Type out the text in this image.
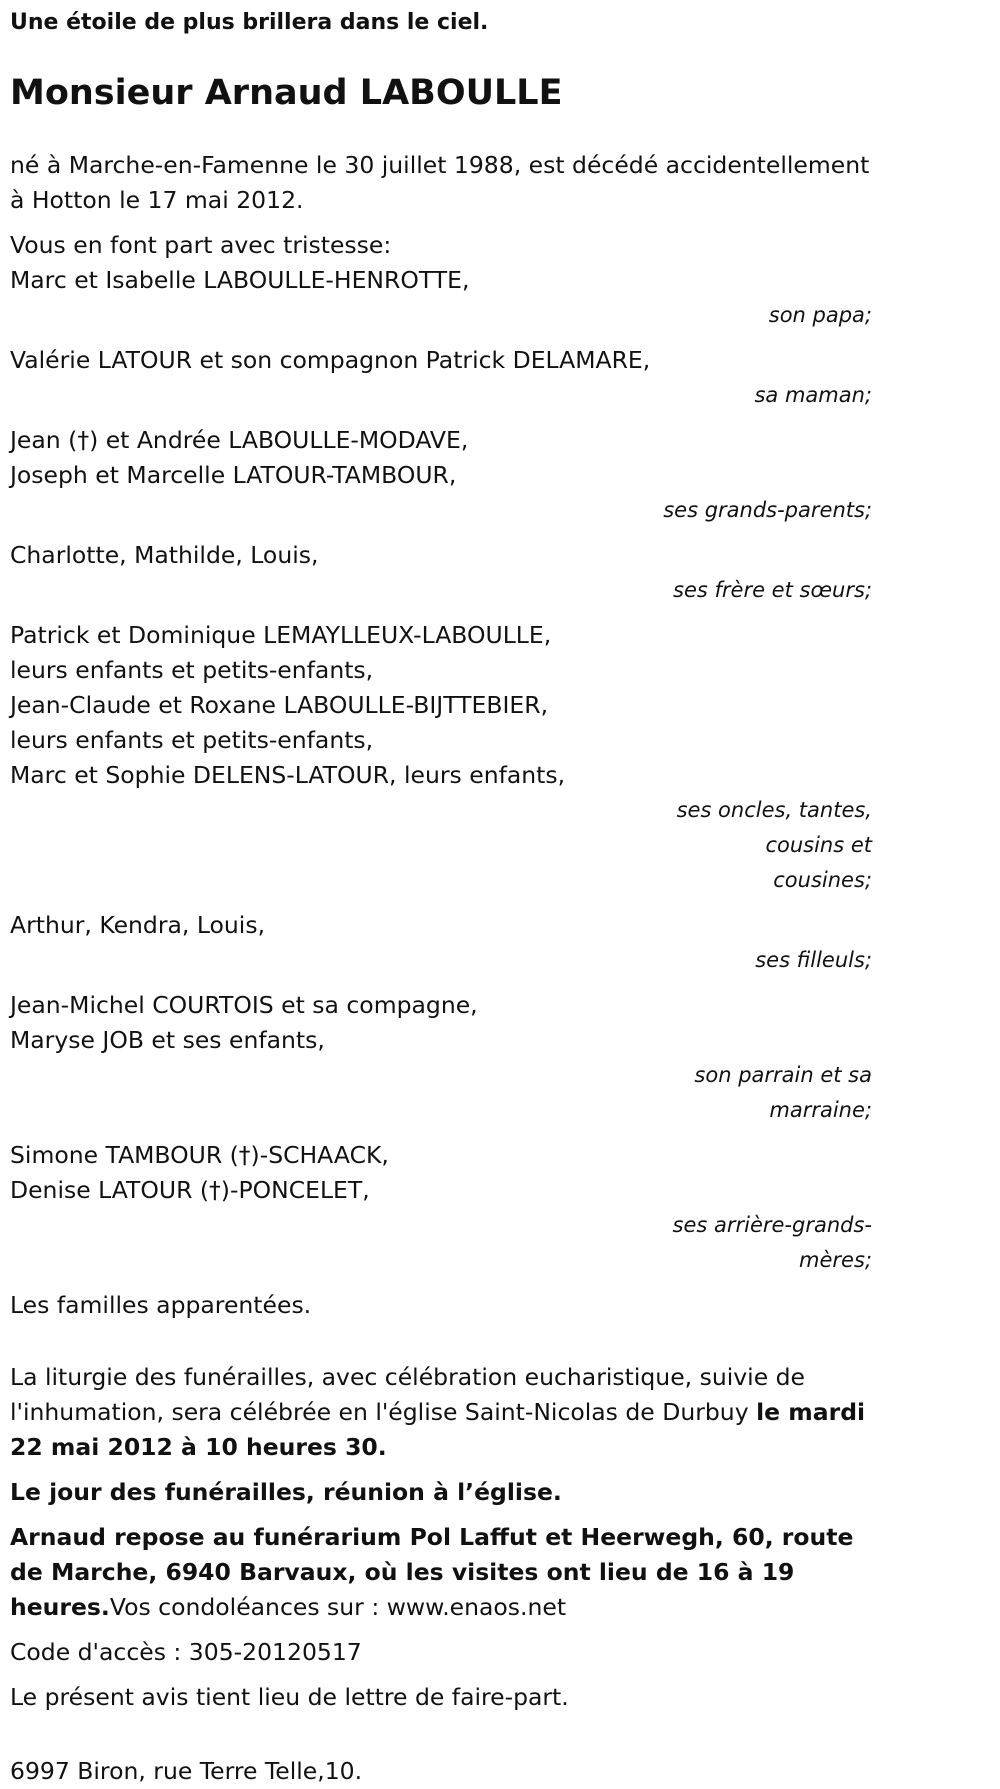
Une étoile de plus brillera dans le ciel.
Monsieur Arnaud LABOULLE
né à Marche-en-Famenne le 30 juillet 1988, est décédé accidentellement
à Hotton le 17 mai 2012.
Vous en font part avec tristesse:
Marc et Isabelle LABOULLE-HENROTTE,
son papa;
Valérie LATOUR et son compagnon Patrick DELAMARE,
sa maman;
Jean (†) et Andrée LABOULLE-MODAVE,
Joseph et Marcelle LATOUR-TAMBOUR,
ses grands-parents;
Charlotte, Mathilde, Louis,
ses frère et sœurs;
Patrick et Dominique LEMAYLLEUX-LABOULLE,
leurs enfants et petits-enfants,
Jean-Claude et Roxane LABOULLE-BIJTTEBIER,
leurs enfants et petits-enfants,
Marc et Sophie DELENS-LATOUR, leurs enfants,
ses oncles, tantes, cousins et cousines;
Arthur, Kendra, Louis,
ses filleuls;
Jean-Michel COURTOIS et sa compagne,
Maryse JOB et ses enfants,
son parrain et sa marraine;
Simone TAMBOUR (†)-SCHAACK,
Denise LATOUR (†)-PONCELET,
ses arrière-grands-mères;
Les familles apparentées.
La liturgie des funérailles, avec célébration eucharistique, suivie de l'inhumation, sera célébrée en l'église Saint-Nicolas de Durbuy le mardi 22 mai 2012 à 10 heures 30.
Le jour des funérailles, réunion à l’église.
Arnaud repose au funérarium Pol Laffut et Heerwegh, 60, route de Marche, 6940 Barvaux, où les visites ont lieu de 16 à 19 heures.Vos condoléances sur : www.enaos.net
Code d'accès : 305-20120517
Le présent avis tient lieu de lettre de faire-part.
6997 Biron, rue Terre Telle,10.
